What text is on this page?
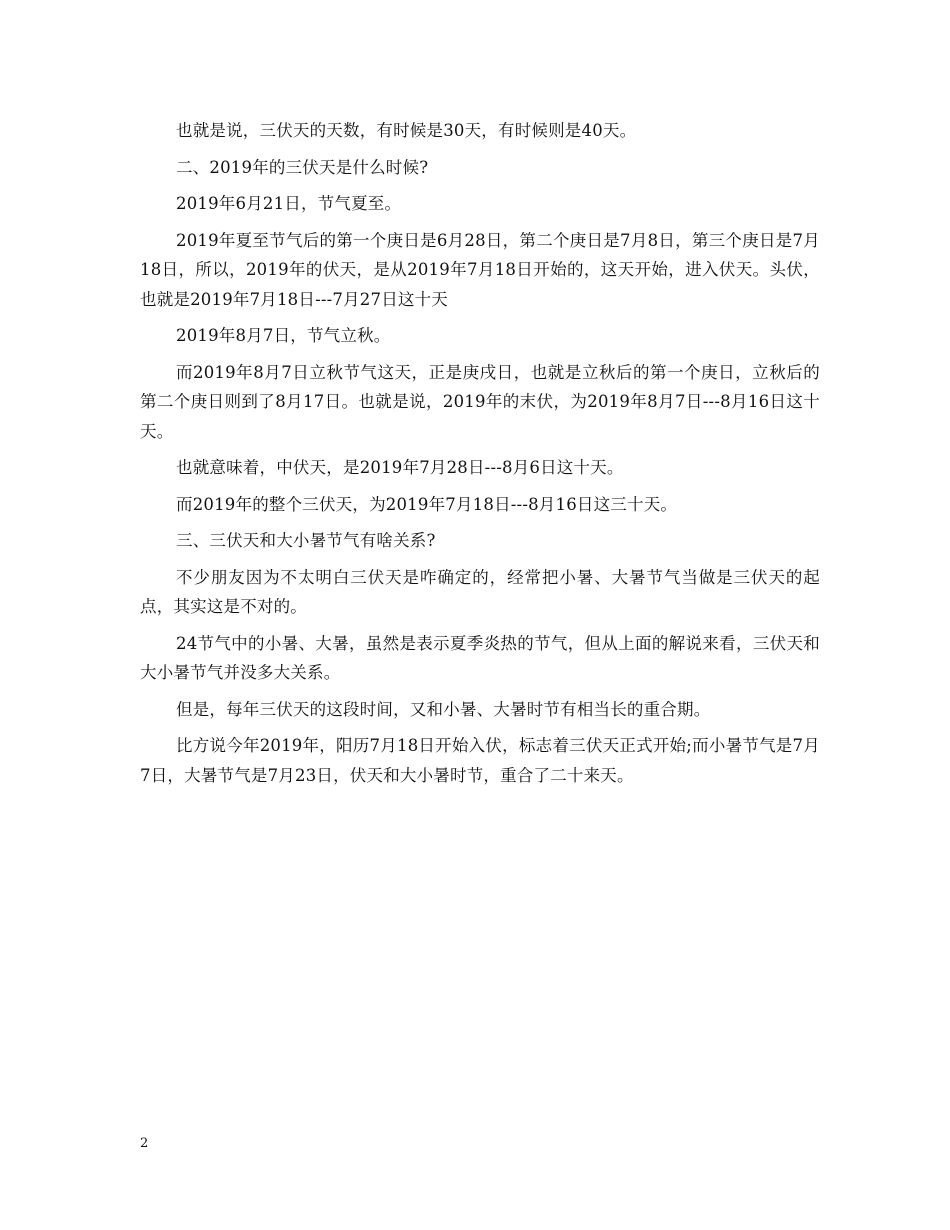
也就是说，三伏天的天数，有时候是30天，有时候则是40天。

二、2019年的三伏天是什么时候?

2019年6月21日，节气夏至。

2019年夏至节气后的第一个庚日是6月28日，第二个庚日是7月8日，第三个庚日是7月18日，所以，2019年的伏天，是从2019年7月18日开始的，这天开始，进入伏天。头伏，也就是2019年7月18日---7月27日这十天

2019年8月7日，节气立秋。

而2019年8月7日立秋节气这天，正是庚戌日，也就是立秋后的第一个庚日，立秋后的第二个庚日则到了8月17日。也就是说，2019年的末伏，为2019年8月7日---8月16日这十天。

也就意味着，中伏天，是2019年7月28日---8月6日这十天。

而2019年的整个三伏天，为2019年7月18日---8月16日这三十天。

三、三伏天和大小暑节气有啥关系?

不少朋友因为不太明白三伏天是咋确定的，经常把小暑、大暑节气当做是三伏天的起点，其实这是不对的。

24节气中的小暑、大暑，虽然是表示夏季炎热的节气，但从上面的解说来看，三伏天和大小暑节气并没多大关系。

但是，每年三伏天的这段时间，又和小暑、大暑时节有相当长的重合期。

比方说今年2019年，阳历7月18日开始入伏，标志着三伏天正式开始;而小暑节气是7月7日，大暑节气是7月23日，伏天和大小暑时节，重合了二十来天。

2
